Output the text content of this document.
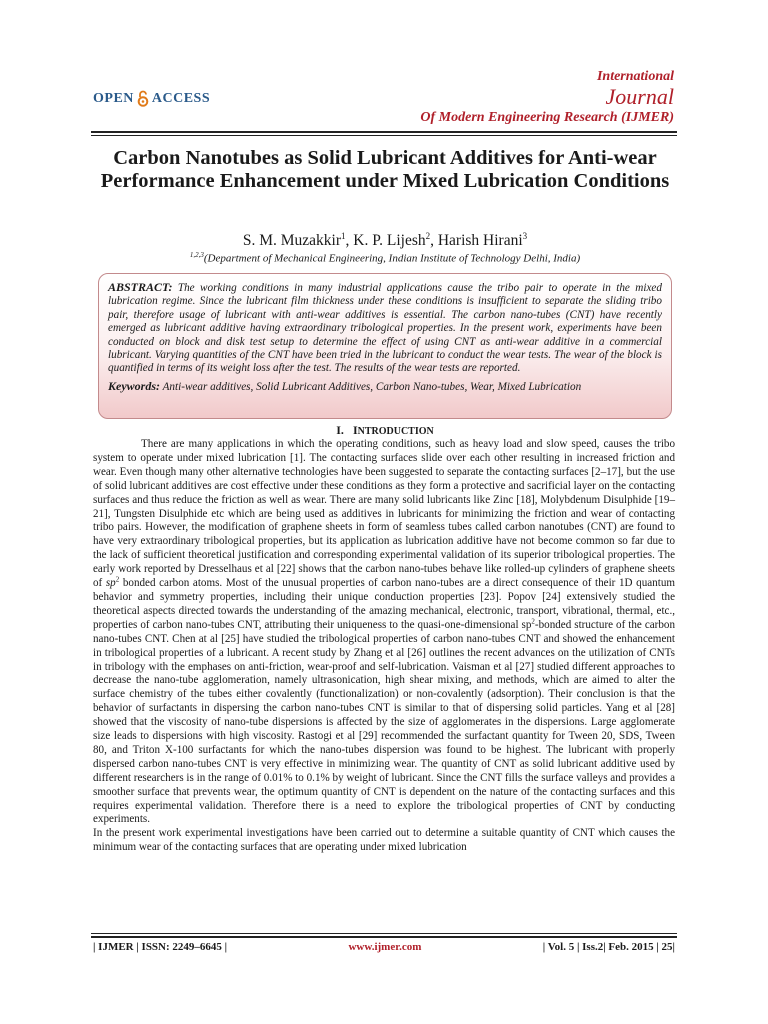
OPEN ACCESS
International
Journal
Of Modern Engineering Research (IJMER)
Carbon Nanotubes as Solid Lubricant Additives for Anti-wear Performance Enhancement under Mixed Lubrication Conditions
S. M. Muzakkir$^1$, K. P. Lijesh$^2$, Harish Hirani$^3$
$^{1,2,3}$(Department of Mechanical Engineering, Indian Institute of Technology Delhi, India)
ABSTRACT: The working conditions in many industrial applications cause the tribo pair to operate in the mixed lubrication regime. Since the lubricant film thickness under these conditions is insufficient to separate the sliding tribo pair, therefore usage of lubricant with anti-wear additives is essential. The carbon nano-tubes (CNT) have recently emerged as lubricant additive having extraordinary tribological properties. In the present work, experiments have been conducted on block and disk test setup to determine the effect of using CNT as anti-wear additive in a commercial lubricant. Varying quantities of the CNT have been tried in the lubricant to conduct the wear tests. The wear of the block is quantified in terms of its weight loss after the test. The results of the wear tests are reported.
Keywords: Anti-wear additives, Solid Lubricant Additives, Carbon Nano-tubes, Wear, Mixed Lubrication
I. INTRODUCTION

There are many applications in which the operating conditions, such as heavy load and slow speed, causes the tribo system to operate under mixed lubrication [1]. The contacting surfaces slide over each other resulting in increased friction and wear. Even though many other alternative technologies have been suggested to separate the contacting surfaces [2–17], but the use of solid lubricant additives are cost effective under these conditions as they form a protective and sacrificial layer on the contacting surfaces and thus reduce the friction as well as wear. There are many solid lubricants like Zinc [18], Molybdenum Disulphide [19–21], Tungsten Disulphide etc which are being used as additives in lubricants for minimizing the friction and wear of contacting tribo pairs. However, the modification of graphene sheets in form of seamless tubes called carbon nanotubes (CNT) are found to have very extraordinary tribological properties, but its application as lubrication additive have not become common so far due to the lack of sufficient theoretical justification and corresponding experimental validation of its superior tribological properties. The early work reported by Dresselhaus et al [22] shows that the carbon nano-tubes behave like rolled-up cylinders of graphene sheets of $sp^2$ bonded carbon atoms. Most of the unusual properties of carbon nano-tubes are a direct consequence of their 1D quantum behavior and symmetry properties, including their unique conduction properties [23]. Popov [24] extensively studied the theoretical aspects directed towards the understanding of the amazing mechanical, electronic, transport, vibrational, thermal, etc., properties of carbon nano-tubes CNT, attributing their uniqueness to the quasi-one-dimensional $sp^2$-bonded structure of the carbon nano-tubes CNT. Chen at al [25] have studied the tribological properties of carbon nano-tubes CNT and showed the enhancement in tribological properties of a lubricant. A recent study by Zhang et al [26] outlines the recent advances on the utilization of CNTs in tribology with the emphases on anti-friction, wear-proof and self-lubrication. Vaisman et al [27] studied different approaches to decrease the nano-tube agglomeration, namely ultrasonication, high shear mixing, and methods, which are aimed to alter the surface chemistry of the tubes either covalently (functionalization) or non-covalently (adsorption). Their conclusion is that the behavior of surfactants in dispersing the carbon nano-tubes CNT is similar to that of dispersing solid particles. Yang et al [28] showed that the viscosity of nano-tube dispersions is affected by the size of agglomerates in the dispersions. Large agglomerate size leads to dispersions with high viscosity. Rastogi et al [29] recommended the surfactant quantity for Tween 20, SDS, Tween 80, and Triton X-100 surfactants for which the nano-tubes dispersion was found to be highest. The lubricant with properly dispersed carbon nano-tubes CNT is very effective in minimizing wear. The quantity of CNT as solid lubricant additive used by different researchers is in the range of 0.01% to 0.1% by weight of lubricant. Since the CNT fills the surface valleys and provides a smoother surface that prevents wear, the optimum quantity of CNT is dependent on the nature of the contacting surfaces and this requires experimental validation. Therefore there is a need to explore the tribological properties of CNT by conducting experiments.

In the present work experimental investigations have been carried out to determine a suitable quantity of CNT which causes the minimum wear of the contacting surfaces that are operating under mixed lubrication

| IJMER | ISSN: 2249–6645 |	www.ijmer.com	| Vol. 5 | Iss.2| Feb. 2015 | 25|
